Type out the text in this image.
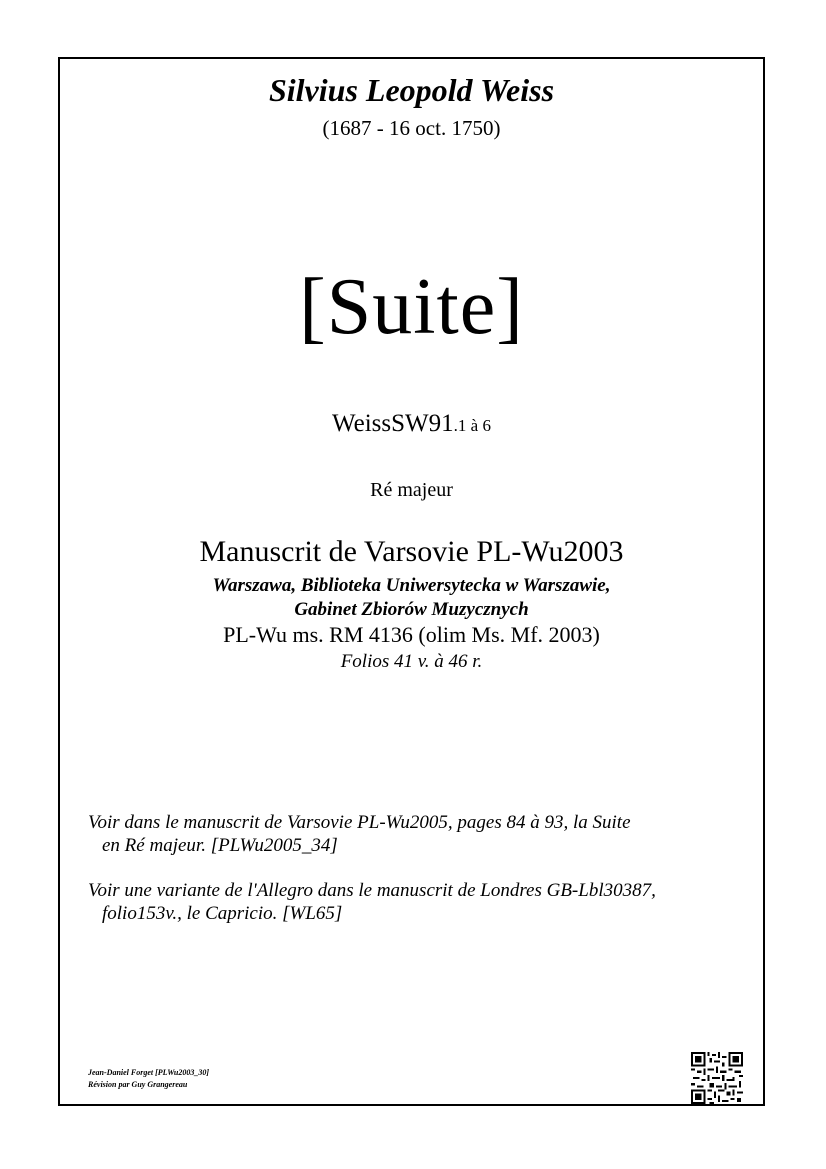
Silvius Leopold Weiss
(1687 - 16 oct. 1750)
[Suite]
WeissSW91.1 à 6
Ré majeur
Manuscrit de Varsovie PL-Wu2003
Warszawa, Biblioteka Uniwersytecka w Warszawie,
Gabinet Zbiorów Muzycznych
PL-Wu ms. RM 4136 (olim Ms. Mf. 2003)
Folios 41 v. à 46 r.
Voir dans le manuscrit de Varsovie PL-Wu2005, pages 84 à 93, la Suite
en Ré majeur. [PLWu2005_34]
Voir une variante de l'Allegro dans le manuscrit de Londres GB-Lbl30387,
folio153v., le Capricio. [WL65]
Jean-Daniel Forget [PLWu2003_30]
Révision par Guy Grangereau
